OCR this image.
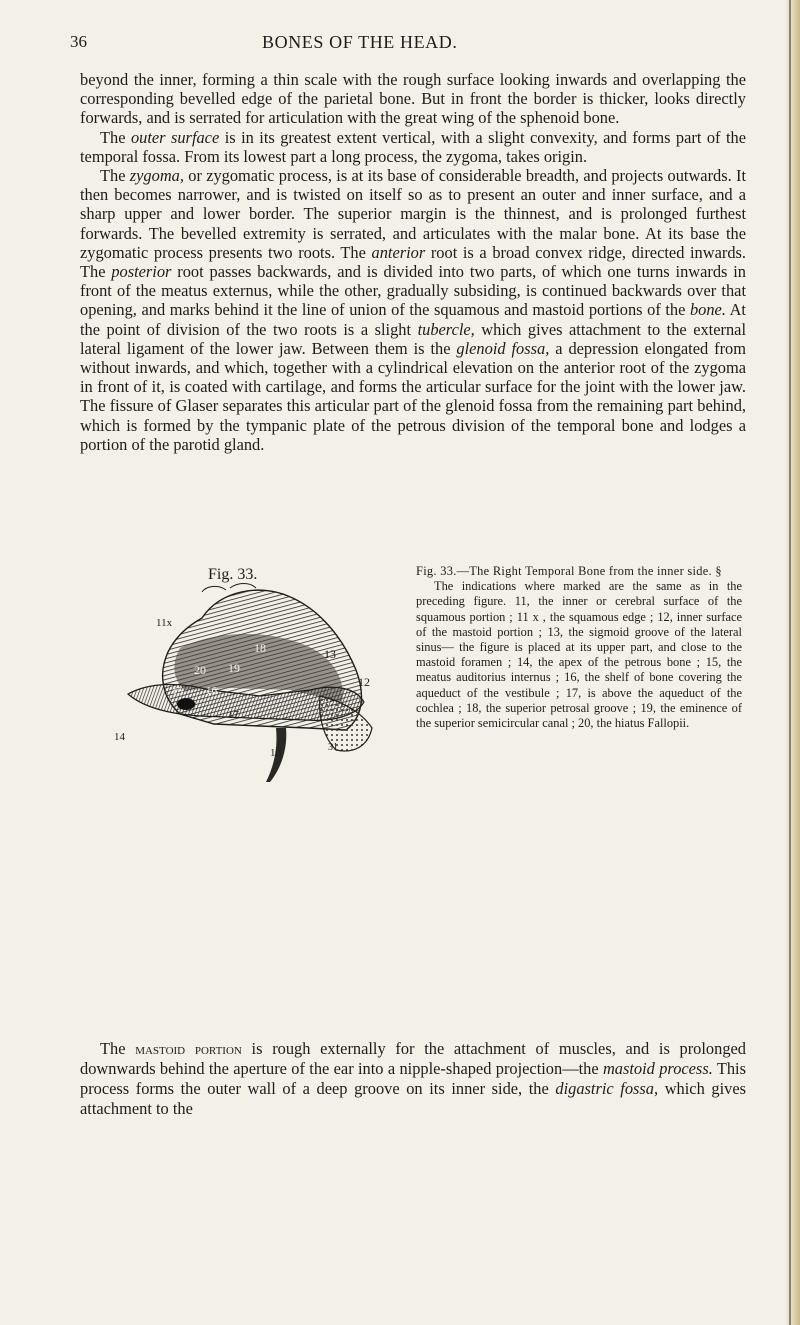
36	BONES OF THE HEAD.

beyond the inner, forming a thin scale with the rough surface looking inwards and overlapping the corresponding bevelled edge of the parietal bone. But in front the border is thicker, looks directly forwards, and is serrated for articulation with the great wing of the sphenoid bone.

The outer surface is in its greatest extent vertical, with a slight convexity, and forms part of the temporal fossa. From its lowest part a long process, the zygoma, takes origin.

The zygoma, or zygomatic process, is at its base of considerable breadth, and projects outwards. It then becomes narrower, and is twisted on itself so as to present an outer and inner surface, and a sharp upper and lower border. The superior margin is the thinnest, and is prolonged furthest forwards. The bevelled extremity is serrated, and articulates with the malar bone. At its base the zygomatic process presents two roots. The anterior root is a broad convex ridge, directed inwards. The posterior root passes backwards, and is divided into two parts, of which one turns inwards in front of the meatus externus, while the other, gradually subsiding, is continued backwards over that opening, and marks behind it the line of union of the squamous and mastoid portions of the bone. At the point of division of the two roots is a slight tubercle, which gives attachment to the external lateral ligament of the lower jaw. Between them is the glenoid fossa, a depression elongated from without inwards, and which, together with a cylindrical elevation on the anterior root of the zygoma in front of it, is coated with cartilage, and forms the articular surface for the joint with the lower jaw. The fissure of Glaser separates this articular part of the glenoid fossa from the remaining part behind, which is formed by the tympanic plate of the petrous division of the temporal bone and lodges a portion of the parotid gland.

Fig. 33.
11x
13
12
18
19
20
15 16
17
14
31
10
Fig. 33.—The Right Temporal Bone from the inner side. §

The indications where marked are the same as in the preceding figure. 11, the inner or cerebral surface of the squamous portion ; 11 x , the squamous edge ; 12, inner surface of the mastoid portion ; 13, the sigmoid groove of the lateral sinus— the figure is placed at its upper part, and close to the mastoid foramen ; 14, the apex of the petrous bone ; 15, the meatus auditorius internus ; 16, the shelf of bone covering the aqueduct of the vestibule ; 17, is above the aqueduct of the cochlea ; 18, the superior petrosal groove ; 19, the eminence of the superior semicircular canal ; 20, the hiatus Fallopii.

The mastoid portion is rough externally for the attachment of muscles, and is prolonged downwards behind the aperture of the ear into a nipple-shaped projection—the mastoid process. This process forms the outer wall of a deep groove on its inner side, the digastric fossa, which gives attachment to the
